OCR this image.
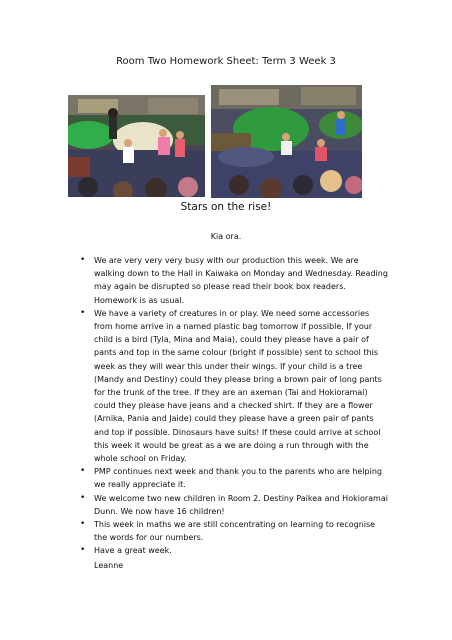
Room Two Homework Sheet: Term 3 Week 3
Stars on the rise!
Kia ora.
• We are very very very busy with our production this week. We are walking down to the Hall in Kaiwaka on Monday and Wednesday. Reading may again be disrupted so please read their book box readers. Homework is as usual.
• We have a variety of creatures in or play. We need some accessories from home arrive in a named plastic bag tomorrow if possible. If your child is a bird (Tyla, Mina and Maia), could they please have a pair of pants and top in the same colour (bright if possible) sent to school this week as they will wear this under their wings. If your child is a tree (Mandy and Destiny) could they please bring a brown pair of long pants for the trunk of the tree. If they are an axeman (Tai and Hokioramai) could they please have jeans and a checked shirt. If they are a flower (Arnika, Pania and Jaide) could they please have a green pair of pants and top if possible. Dinosaurs have suits! If these could arrive at school this week it would be great as a we are doing a run through with the whole school on Friday.
• PMP continues next week and thank you to the parents who are helping we really appreciate it.
• We welcome two new children in Room 2. Destiny Paikea and Hokioramai Dunn. We now have 16 children!
• This week in maths we are still concentrating on learning to recognise the words for our numbers.
• Have a great week.
Leanne
